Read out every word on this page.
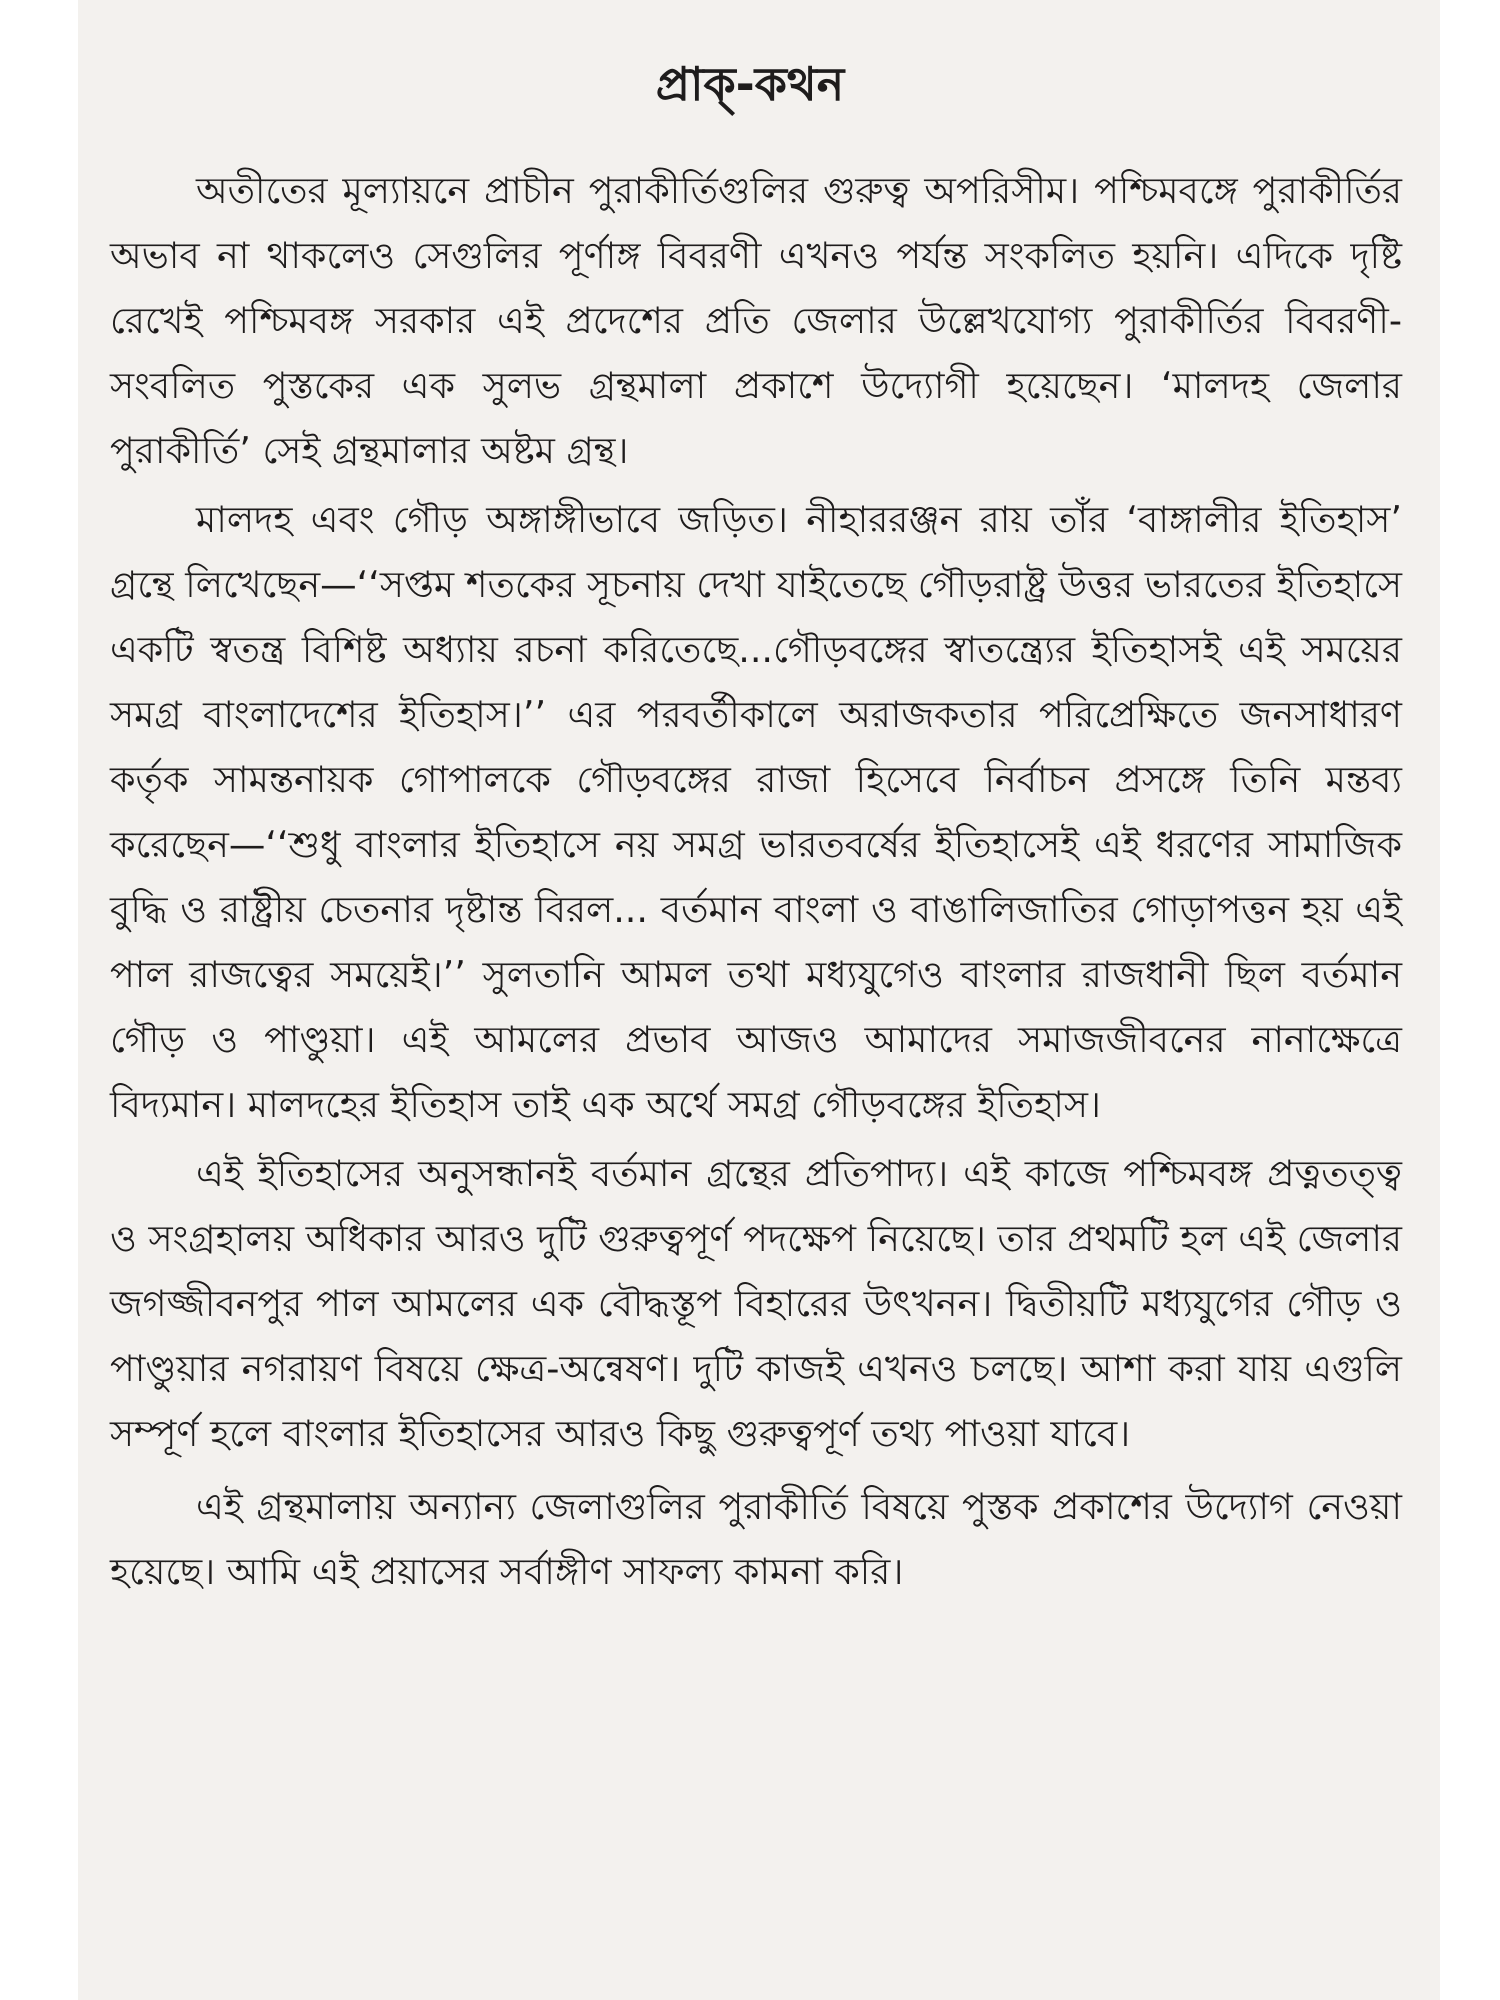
প্রাক্-কথন

অতীতের মূল্যায়নে প্রাচীন পুরাকীর্তিগুলির গুরুত্ব অপরিসীম। পশ্চিমবঙ্গে পুরাকীর্তির অভাব না থাকলেও সেগুলির পূর্ণাঙ্গ বিবরণী এখনও পর্যন্ত সংকলিত হয়নি। এদিকে দৃষ্টি রেখেই পশ্চিমবঙ্গ সরকার এই প্রদেশের প্রতি জেলার উল্লেখযোগ্য পুরাকীর্তির বিবরণী-সংবলিত পুস্তকের এক সুলভ গ্রন্থমালা প্রকাশে উদ্যোগী হয়েছেন। ‘মালদহ জেলার পুরাকীর্তি’ সেই গ্রন্থমালার অষ্টম গ্রন্থ।

মালদহ এবং গৌড় অঙ্গাঙ্গীভাবে জড়িত। নীহাররঞ্জন রায় তাঁর ‘বাঙ্গালীর ইতিহাস’ গ্রন্থে লিখেছেন—‘‘সপ্তম শতকের সূচনায় দেখা যাইতেছে গৌড়রাষ্ট্র উত্তর ভারতের ইতিহাসে একটি স্বতন্ত্র বিশিষ্ট অধ্যায় রচনা করিতেছে...গৌড়বঙ্গের স্বাতন্ত্র্যের ইতিহাসই এই সময়ের সমগ্র বাংলাদেশের ইতিহাস।’’ এর পরবর্তীকালে অরাজকতার পরিপ্রেক্ষিতে জনসাধারণ কর্তৃক সামন্তনায়ক গোপালকে গৌড়বঙ্গের রাজা হিসেবে নির্বাচন প্রসঙ্গে তিনি মন্তব্য করেছেন—‘‘শুধু বাংলার ইতিহাসে নয় সমগ্র ভারতবর্ষের ইতিহাসেই এই ধরণের সামাজিক বুদ্ধি ও রাষ্ট্রীয় চেতনার দৃষ্টান্ত বিরল... বর্তমান বাংলা ও বাঙালিজাতির গোড়াপত্তন হয় এই পাল রাজত্বের সময়েই।’’ সুলতানি আমল তথা মধ্যযুগেও বাংলার রাজধানী ছিল বর্তমান গৌড় ও পাণ্ডুয়া। এই আমলের প্রভাব আজও আমাদের সমাজজীবনের নানাক্ষেত্রে বিদ্যমান। মালদহের ইতিহাস তাই এক অর্থে সমগ্র গৌড়বঙ্গের ইতিহাস।

এই ইতিহাসের অনুসন্ধানই বর্তমান গ্রন্থের প্রতিপাদ্য। এই কাজে পশ্চিমবঙ্গ প্রত্নতত্ত্ব ও সংগ্রহালয় অধিকার আরও দুটি গুরুত্বপূর্ণ পদক্ষেপ নিয়েছে। তার প্রথমটি হল এই জেলার জগজ্জীবনপুর পাল আমলের এক বৌদ্ধস্তূপ বিহারের উৎখনন। দ্বিতীয়টি মধ্যযুগের গৌড় ও পাণ্ডুয়ার নগরায়ণ বিষয়ে ক্ষেত্র-অন্বেষণ। দুটি কাজই এখনও চলছে। আশা করা যায় এগুলি সম্পূর্ণ হলে বাংলার ইতিহাসের আরও কিছু গুরুত্বপূর্ণ তথ্য পাওয়া যাবে।

এই গ্রন্থমালায় অন্যান্য জেলাগুলির পুরাকীর্তি বিষয়ে পুস্তক প্রকাশের উদ্যোগ নেওয়া হয়েছে। আমি এই প্রয়াসের সর্বাঙ্গীণ সাফল্য কামনা করি।
